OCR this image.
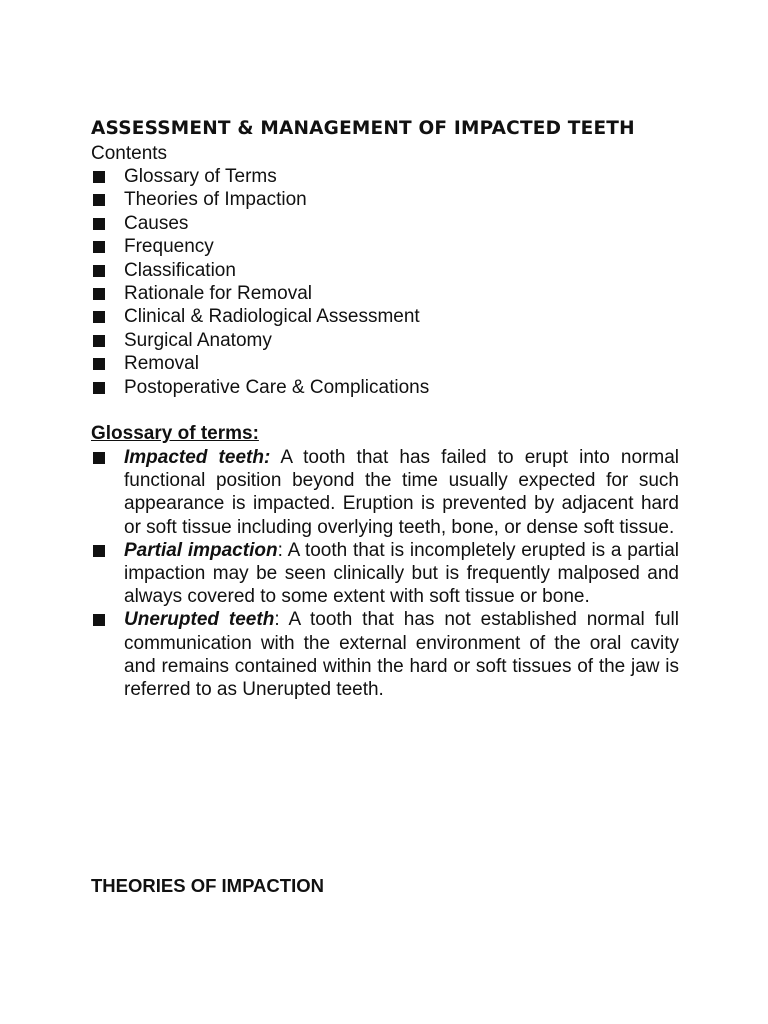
ASSESSMENT & MANAGEMENT OF IMPACTED TEETH

Contents

Glossary of Terms
Theories of Impaction
Causes
Frequency
Classification
Rationale for Removal
Clinical & Radiological Assessment
Surgical Anatomy
Removal
Postoperative Care & Complications
Glossary of terms:
Impacted teeth: A tooth that has failed to erupt into normal functional position beyond the time usually expected for such appearance is impacted. Eruption is prevented by adjacent hard or soft tissue including overlying teeth, bone, or dense soft tissue.
Partial impaction: A tooth that is incompletely erupted is a partial impaction may be seen clinically but is frequently malposed and always covered to some extent with soft tissue or bone.
Unerupted teeth: A tooth that has not established normal full communication with the external environment of the oral cavity and remains contained within the hard or soft tissues of the jaw is referred to as Unerupted teeth.
THEORIES OF IMPACTION
